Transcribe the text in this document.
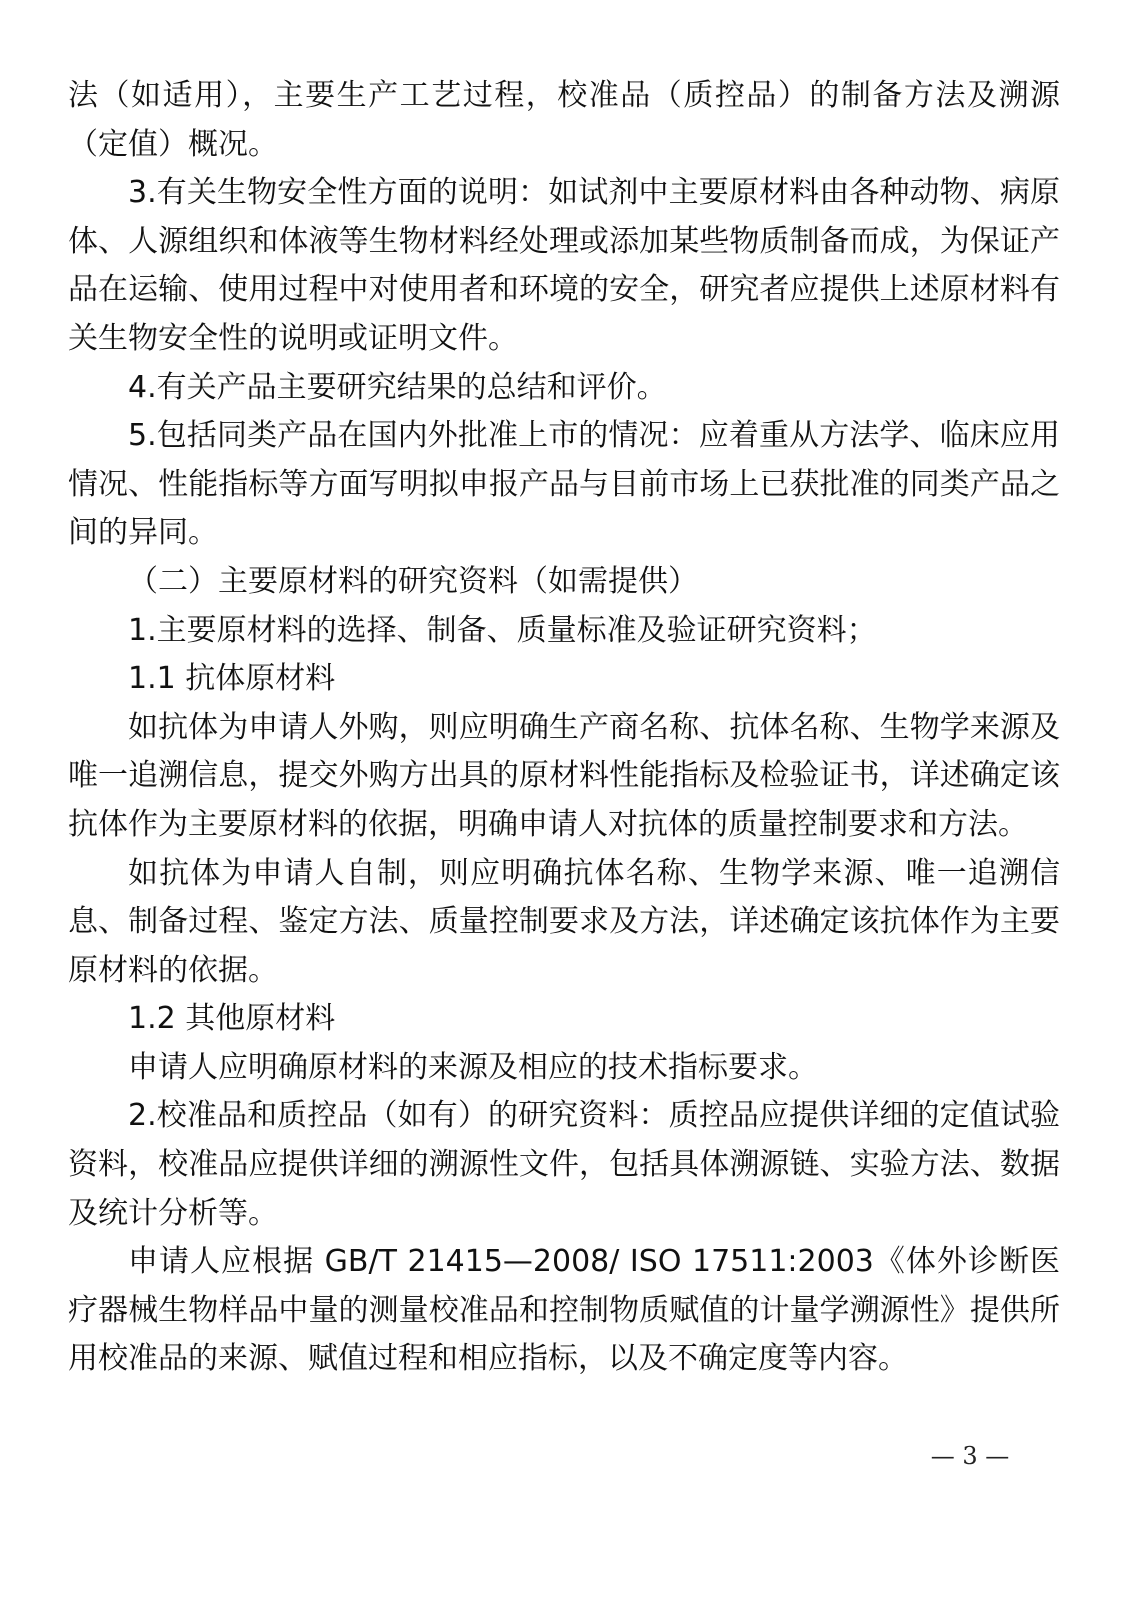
法（如适用），主要生产工艺过程，校准品（质控品）的制备方法及溯源（定值）概况。

3.有关生物安全性方面的说明：如试剂中主要原材料由各种动物、病原体、人源组织和体液等生物材料经处理或添加某些物质制备而成，为保证产品在运输、使用过程中对使用者和环境的安全，研究者应提供上述原材料有关生物安全性的说明或证明文件。

4.有关产品主要研究结果的总结和评价。

5.包括同类产品在国内外批准上市的情况：应着重从方法学、临床应用情况、性能指标等方面写明拟申报产品与目前市场上已获批准的同类产品之间的异同。

（二）主要原材料的研究资料（如需提供）

1.主要原材料的选择、制备、质量标准及验证研究资料；

1.1 抗体原材料

如抗体为申请人外购，则应明确生产商名称、抗体名称、生物学来源及唯一追溯信息，提交外购方出具的原材料性能指标及检验证书，详述确定该抗体作为主要原材料的依据，明确申请人对抗体的质量控制要求和方法。

如抗体为申请人自制，则应明确抗体名称、生物学来源、唯一追溯信息、制备过程、鉴定方法、质量控制要求及方法，详述确定该抗体作为主要原材料的依据。

1.2 其他原材料

申请人应明确原材料的来源及相应的技术指标要求。

2.校准品和质控品（如有）的研究资料：质控品应提供详细的定值试验资料，校准品应提供详细的溯源性文件，包括具体溯源链、实验方法、数据及统计分析等。

申请人应根据 GB/T 21415—2008/ ISO 17511:2003《体外诊断医疗器械生物样品中量的测量校准品和控制物质赋值的计量学溯源性》提供所用校准品的来源、赋值过程和相应指标，以及不确定度等内容。

— 3 —
